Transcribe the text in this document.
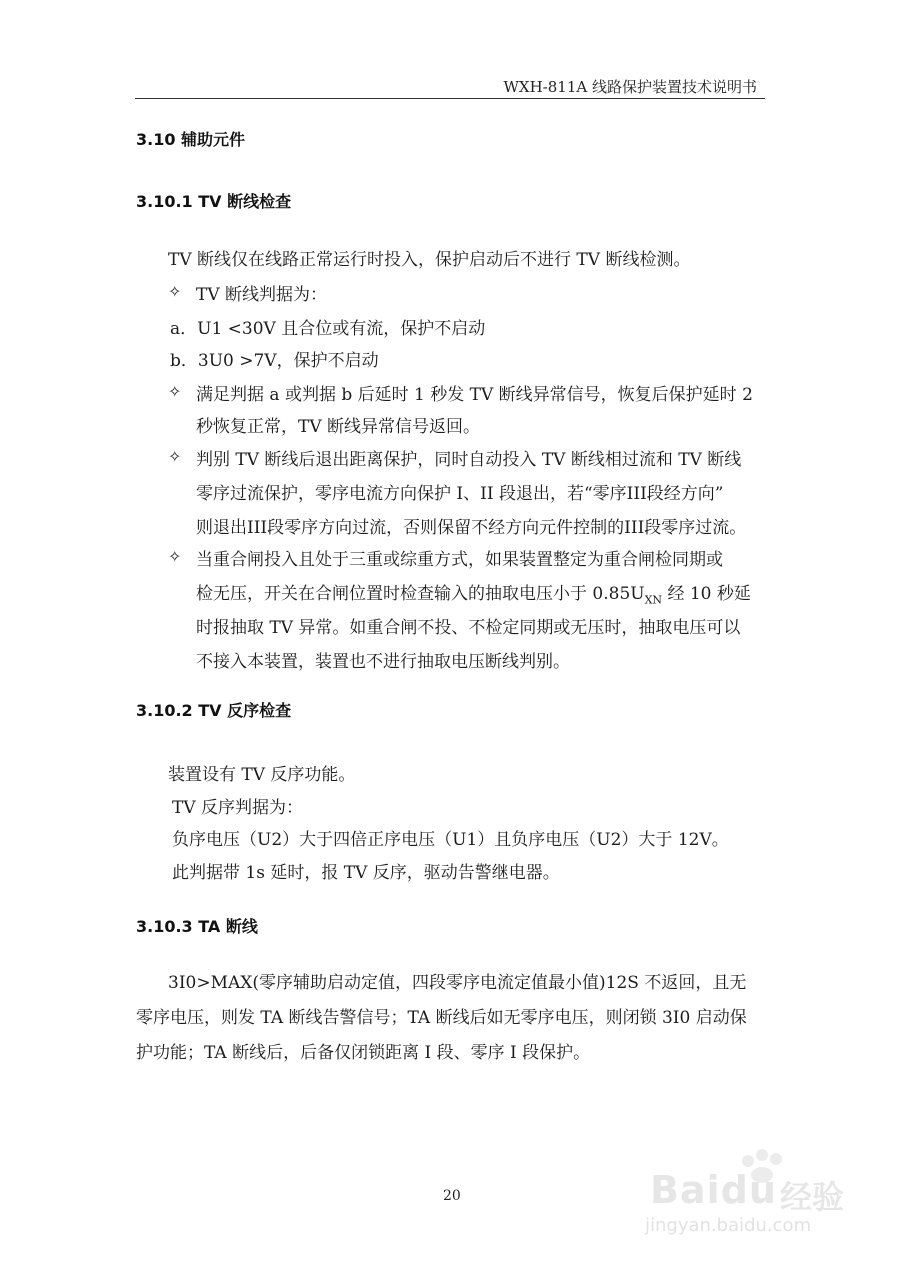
WXH-811A 线路保护装置技术说明书
3.10 辅助元件
3.10.1 TV 断线检查
TV 断线仅在线路正常运行时投入，保护启动后不进行 TV 断线检测。
✧ TV 断线判据为：
a．U1 <30V 且合位或有流，保护不启动
b．3U0 >7V，保护不启动
✧ 满足判据 a 或判据 b 后延时 1 秒发 TV 断线异常信号，恢复后保护延时 2
秒恢复正常，TV 断线异常信号返回。
✧ 判别 TV 断线后退出距离保护，同时自动投入 TV 断线相过流和 TV 断线
零序过流保护，零序电流方向保护 I、II 段退出，若“零序III段经方向”
则退出III段零序方向过流，否则保留不经方向元件控制的III段零序过流。
✧ 当重合闸投入且处于三重或综重方式，如果装置整定为重合闸检同期或
检无压，开关在合闸位置时检查输入的抽取电压小于 $0.85U_{XN}$ 经 10 秒延
时报抽取 TV 异常。如重合闸不投、不检定同期或无压时，抽取电压可以
不接入本装置，装置也不进行抽取电压断线判别。
3.10.2 TV 反序检查
装置设有 TV 反序功能。
TV 反序判据为：
负序电压（U2）大于四倍正序电压（U1）且负序电压（U2）大于 12V。
此判据带 1s 延时，报 TV 反序，驱动告警继电器。
3.10.3 TA 断线
3I0>MAX(零序辅助启动定值，四段零序电流定值最小值)12S 不返回，且无
零序电压，则发 TA 断线告警信号；TA 断线后如无零序电压，则闭锁 3I0 启动保
护功能；TA 断线后，后备仅闭锁距离 I 段、零序 I 段保护。
20	Baidu 经验
jingyan.baidu.com
